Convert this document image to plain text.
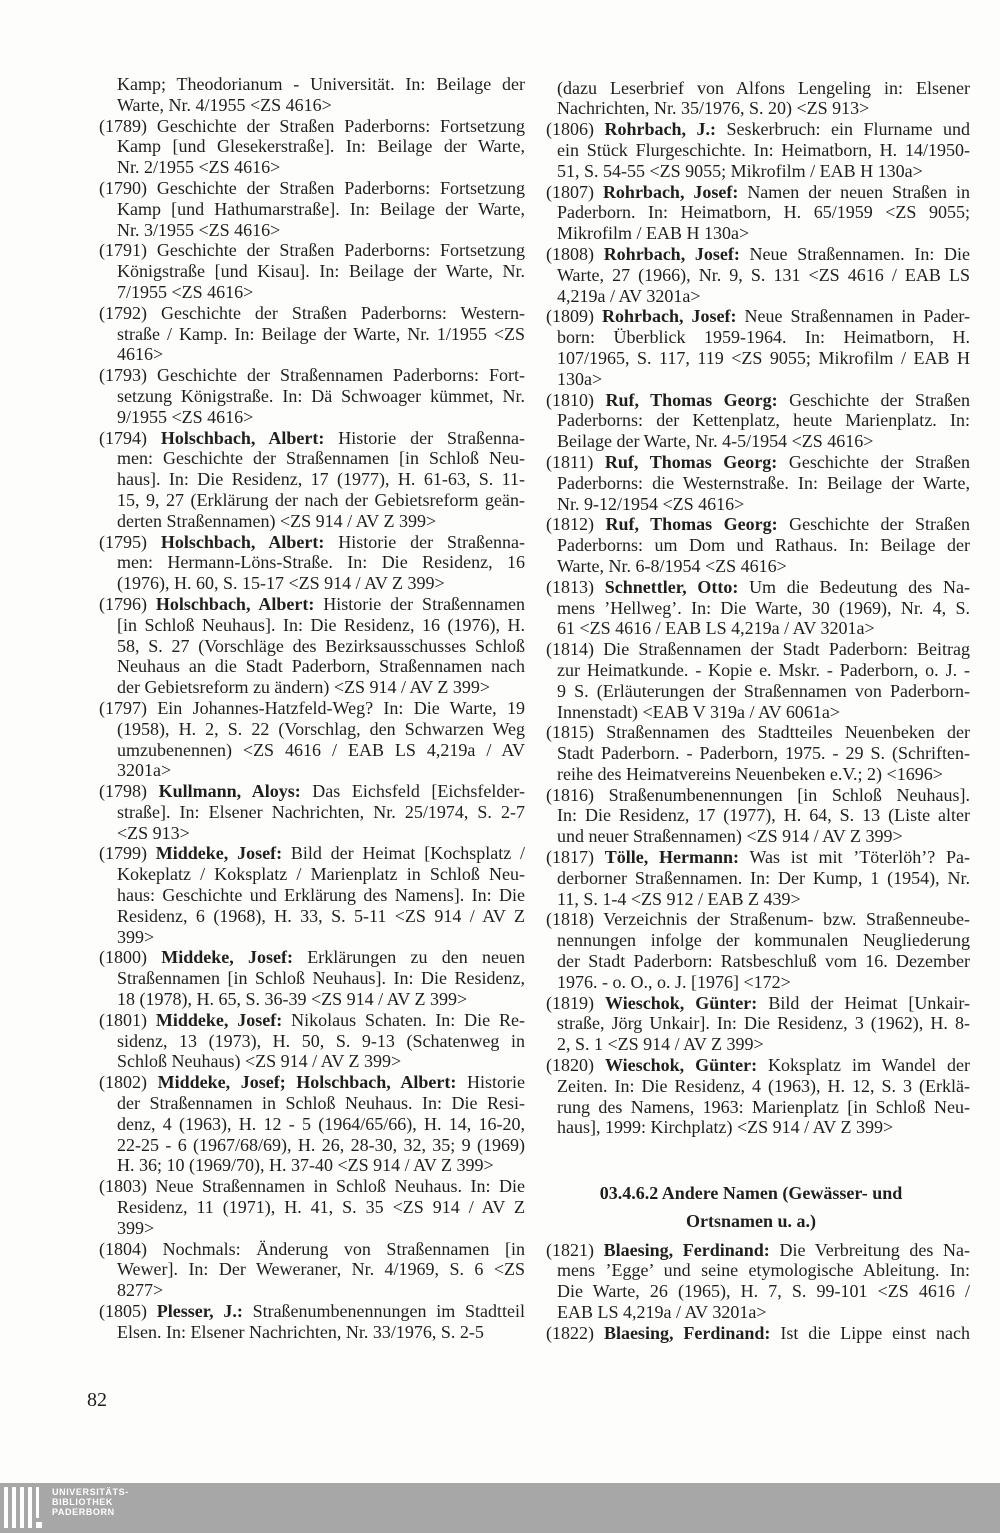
Kamp; Theodorianum - Universität. In: Beilage der
Warte, Nr. 4/1955 <ZS 4616>
(1789) Geschichte der Straßen Paderborns: Fortsetzung
Kamp [und Glesekerstraße]. In: Beilage der Warte,
Nr. 2/1955 <ZS 4616>
(1790) Geschichte der Straßen Paderborns: Fortsetzung
Kamp [und Hathumarstraße]. In: Beilage der Warte,
Nr. 3/1955 <ZS 4616>
(1791) Geschichte der Straßen Paderborns: Fortsetzung
Königstraße [und Kisau]. In: Beilage der Warte, Nr.
7/1955 <ZS 4616>
(1792) Geschichte der Straßen Paderborns: Western-
straße / Kamp. In: Beilage der Warte, Nr. 1/1955 <ZS
4616>
(1793) Geschichte der Straßennamen Paderborns: Fort-
setzung Königstraße. In: Dä Schwoager kümmet, Nr.
9/1955 <ZS 4616>
(1794) Holschbach, Albert: Historie der Straßenna-
men: Geschichte der Straßennamen [in Schloß Neu-
haus]. In: Die Residenz, 17 (1977), H. 61-63, S. 11-
15, 9, 27 (Erklärung der nach der Gebietsreform geän-
derten Straßennamen) <ZS 914 / AV Z 399>
(1795) Holschbach, Albert: Historie der Straßenna-
men: Hermann-Löns-Straße. In: Die Residenz, 16
(1976), H. 60, S. 15-17 <ZS 914 / AV Z 399>
(1796) Holschbach, Albert: Historie der Straßennamen
[in Schloß Neuhaus]. In: Die Residenz, 16 (1976), H.
58, S. 27 (Vorschläge des Bezirksausschusses Schloß
Neuhaus an die Stadt Paderborn, Straßennamen nach
der Gebietsreform zu ändern) <ZS 914 / AV Z 399>
(1797) Ein Johannes-Hatzfeld-Weg? In: Die Warte, 19
(1958), H. 2, S. 22 (Vorschlag, den Schwarzen Weg
umzubenennen) <ZS 4616 / EAB LS 4,219a / AV
3201a>
(1798) Kullmann, Aloys: Das Eichsfeld [Eichsfelder-
straße]. In: Elsener Nachrichten, Nr. 25/1974, S. 2-7
<ZS 913>
(1799) Middeke, Josef: Bild der Heimat [Kochsplatz /
Kokeplatz / Koksplatz / Marienplatz in Schloß Neu-
haus: Geschichte und Erklärung des Namens]. In: Die
Residenz, 6 (1968), H. 33, S. 5-11 <ZS 914 / AV Z
399>
(1800) Middeke, Josef: Erklärungen zu den neuen
Straßennamen [in Schloß Neuhaus]. In: Die Residenz,
18 (1978), H. 65, S. 36-39 <ZS 914 / AV Z 399>
(1801) Middeke, Josef: Nikolaus Schaten. In: Die Re-
sidenz, 13 (1973), H. 50, S. 9-13 (Schatenweg in
Schloß Neuhaus) <ZS 914 / AV Z 399>
(1802) Middeke, Josef; Holschbach, Albert: Historie
der Straßennamen in Schloß Neuhaus. In: Die Resi-
denz, 4 (1963), H. 12 - 5 (1964/65/66), H. 14, 16-20,
22-25 - 6 (1967/68/69), H. 26, 28-30, 32, 35; 9 (1969)
H. 36; 10 (1969/70), H. 37-40 <ZS 914 / AV Z 399>
(1803) Neue Straßennamen in Schloß Neuhaus. In: Die
Residenz, 11 (1971), H. 41, S. 35 <ZS 914 / AV Z
399>
(1804) Nochmals: Änderung von Straßennamen [in
Wewer]. In: Der Weweraner, Nr. 4/1969, S. 6 <ZS
8277>
(1805) Plesser, J.: Straßenumbenennungen im Stadtteil
Elsen. In: Elsener Nachrichten, Nr. 33/1976, S. 2-5
(dazu Leserbrief von Alfons Lengeling in: Elsener
Nachrichten, Nr. 35/1976, S. 20) <ZS 913>
(1806) Rohrbach, J.: Seskerbruch: ein Flurname und
ein Stück Flurgeschichte. In: Heimatborn, H. 14/1950-
51, S. 54-55 <ZS 9055; Mikrofilm / EAB H 130a>
(1807) Rohrbach, Josef: Namen der neuen Straßen in
Paderborn. In: Heimatborn, H. 65/1959 <ZS 9055;
Mikrofilm / EAB H 130a>
(1808) Rohrbach, Josef: Neue Straßennamen. In: Die
Warte, 27 (1966), Nr. 9, S. 131 <ZS 4616 / EAB LS
4,219a / AV 3201a>
(1809) Rohrbach, Josef: Neue Straßennamen in Pader-
born: Überblick 1959-1964. In: Heimatborn, H.
107/1965, S. 117, 119 <ZS 9055; Mikrofilm / EAB H
130a>
(1810) Ruf, Thomas Georg: Geschichte der Straßen
Paderborns: der Kettenplatz, heute Marienplatz. In:
Beilage der Warte, Nr. 4-5/1954 <ZS 4616>
(1811) Ruf, Thomas Georg: Geschichte der Straßen
Paderborns: die Westernstraße. In: Beilage der Warte,
Nr. 9-12/1954 <ZS 4616>
(1812) Ruf, Thomas Georg: Geschichte der Straßen
Paderborns: um Dom und Rathaus. In: Beilage der
Warte, Nr. 6-8/1954 <ZS 4616>
(1813) Schnettler, Otto: Um die Bedeutung des Na-
mens ’Hellweg’. In: Die Warte, 30 (1969), Nr. 4, S.
61 <ZS 4616 / EAB LS 4,219a / AV 3201a>
(1814) Die Straßennamen der Stadt Paderborn: Beitrag
zur Heimatkunde. - Kopie e. Mskr. - Paderborn, o. J. -
9 S. (Erläuterungen der Straßennamen von Paderborn-
Innenstadt) <EAB V 319a / AV 6061a>
(1815) Straßennamen des Stadtteiles Neuenbeken der
Stadt Paderborn. - Paderborn, 1975. - 29 S. (Schriften-
reihe des Heimatvereins Neuenbeken e.V.; 2) <1696>
(1816) Straßenumbenennungen [in Schloß Neuhaus].
In: Die Residenz, 17 (1977), H. 64, S. 13 (Liste alter
und neuer Straßennamen) <ZS 914 / AV Z 399>
(1817) Tölle, Hermann: Was ist mit ’Töterlöh’? Pa-
derborner Straßennamen. In: Der Kump, 1 (1954), Nr.
11, S. 1-4 <ZS 912 / EAB Z 439>
(1818) Verzeichnis der Straßenum- bzw. Straßenneube-
nennungen infolge der kommunalen Neugliederung
der Stadt Paderborn: Ratsbeschluß vom 16. Dezember
1976. - o. O., o. J. [1976] <172>
(1819) Wieschok, Günter: Bild der Heimat [Unkair-
straße, Jörg Unkair]. In: Die Residenz, 3 (1962), H. 8-
2, S. 1 <ZS 914 / AV Z 399>
(1820) Wieschok, Günter: Koksplatz im Wandel der
Zeiten. In: Die Residenz, 4 (1963), H. 12, S. 3 (Erklä-
rung des Namens, 1963: Marienplatz [in Schloß Neu-
haus], 1999: Kirchplatz) <ZS 914 / AV Z 399>
03.4.6.2 Andere Namen (Gewässer- und
Ortsnamen u. a.)
(1821) Blaesing, Ferdinand: Die Verbreitung des Na-
mens ’Egge’ und seine etymologische Ableitung. In:
Die Warte, 26 (1965), H. 7, S. 99-101 <ZS 4616 /
EAB LS 4,219a / AV 3201a>
(1822) Blaesing, Ferdinand: Ist die Lippe einst nach
82
UNIVERSITÄTS-
BIBLIOTHEK
PADERBORN
